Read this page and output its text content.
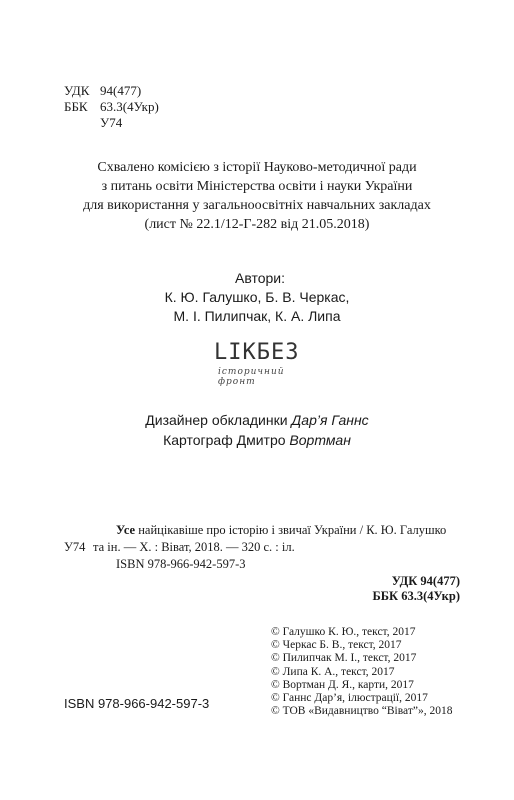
УДК 94(477)
ББК 63.3(4Укр)
У74
Схвалено комісією з історії Науково-методичної ради
з питань освіти Міністерства освіти і науки України
для використання у загальноосвітніх навчальних закладах
(лист № 22.1/12-Г-282 від 21.05.2018)
Автори:
К. Ю. Галушко, Б. В. Черкас,
М. І. Пилипчак, К. А. Липа
LIKБЕЗ
історичний фронт
Дизайнер обкладинки Дар’я Ганнс
Картограф Дмитро Вортман
Усе найцікавіше про історію і звичаї України / К. Ю. Галушко
У74 та ін. — Х. : Віват, 2018. — 320 с. : іл.
ISBN 978-966-942-597-3
УДК 94(477)
ББК 63.3(4Укр)
© Галушко К. Ю., текст, 2017
© Черкас Б. В., текст, 2017
© Пилипчак М. І., текст, 2017
© Липа К. А., текст, 2017
© Вортман Д. Я., карти, 2017
© Ганнс Дар’я, ілюстрації, 2017
© ТОВ «Видавництво “Віват”», 2018
ISBN 978-966-942-597-3
